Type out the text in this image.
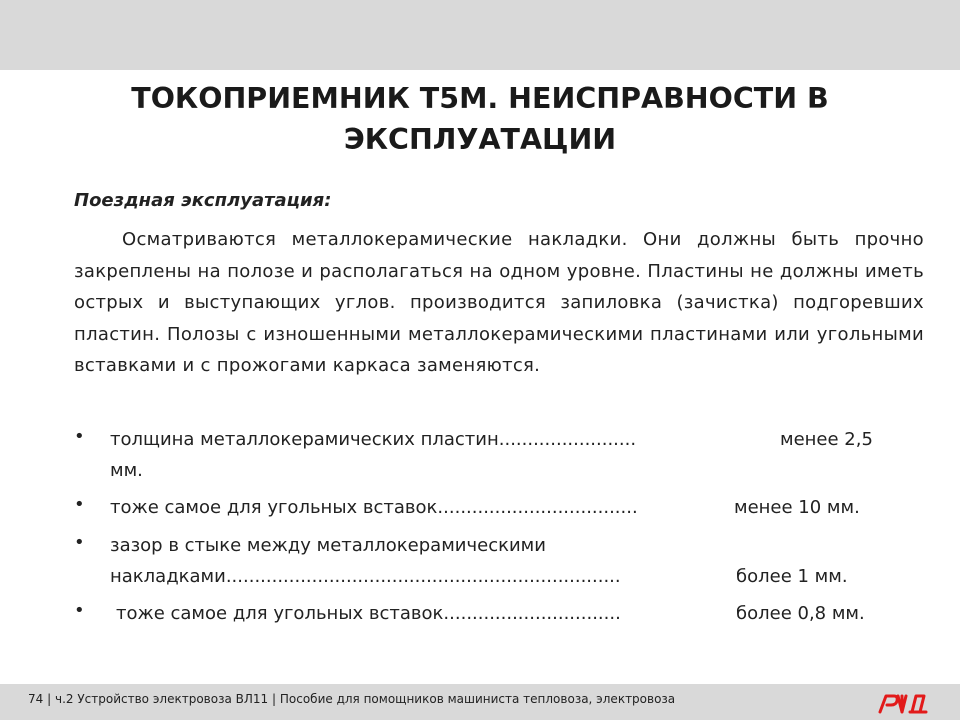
ТОКОПРИЕМНИК Т5М. НЕИСПРАВНОСТИ В ЭКСПЛУАТАЦИИ
Поездная эксплуатация:
Осматриваются металлокерамические накладки. Они должны быть прочно закреплены на полозе и располагаться на одном уровне. Пластины не должны иметь острых и выступающих углов. производится запиловка (зачистка) подгоревших пластин. Полозы с изношенными металлокерамическими пластинами или угольными вставками и с прожогами каркаса заменяются.
• толщина металлокерамических пластин........................	менее 2,5
мм.
• тоже самое для угольных вставок...................................	менее 10 мм.
• зазор в стыке между металлокерамическими
накладками.....................................................................	более 1 мм.
• тоже самое для угольных вставок...............................	более 0,8 мм.
74 | ч.2 Устройство электровоза ВЛ11 | Пособие для помощников машиниста тепловоза, электровоза
